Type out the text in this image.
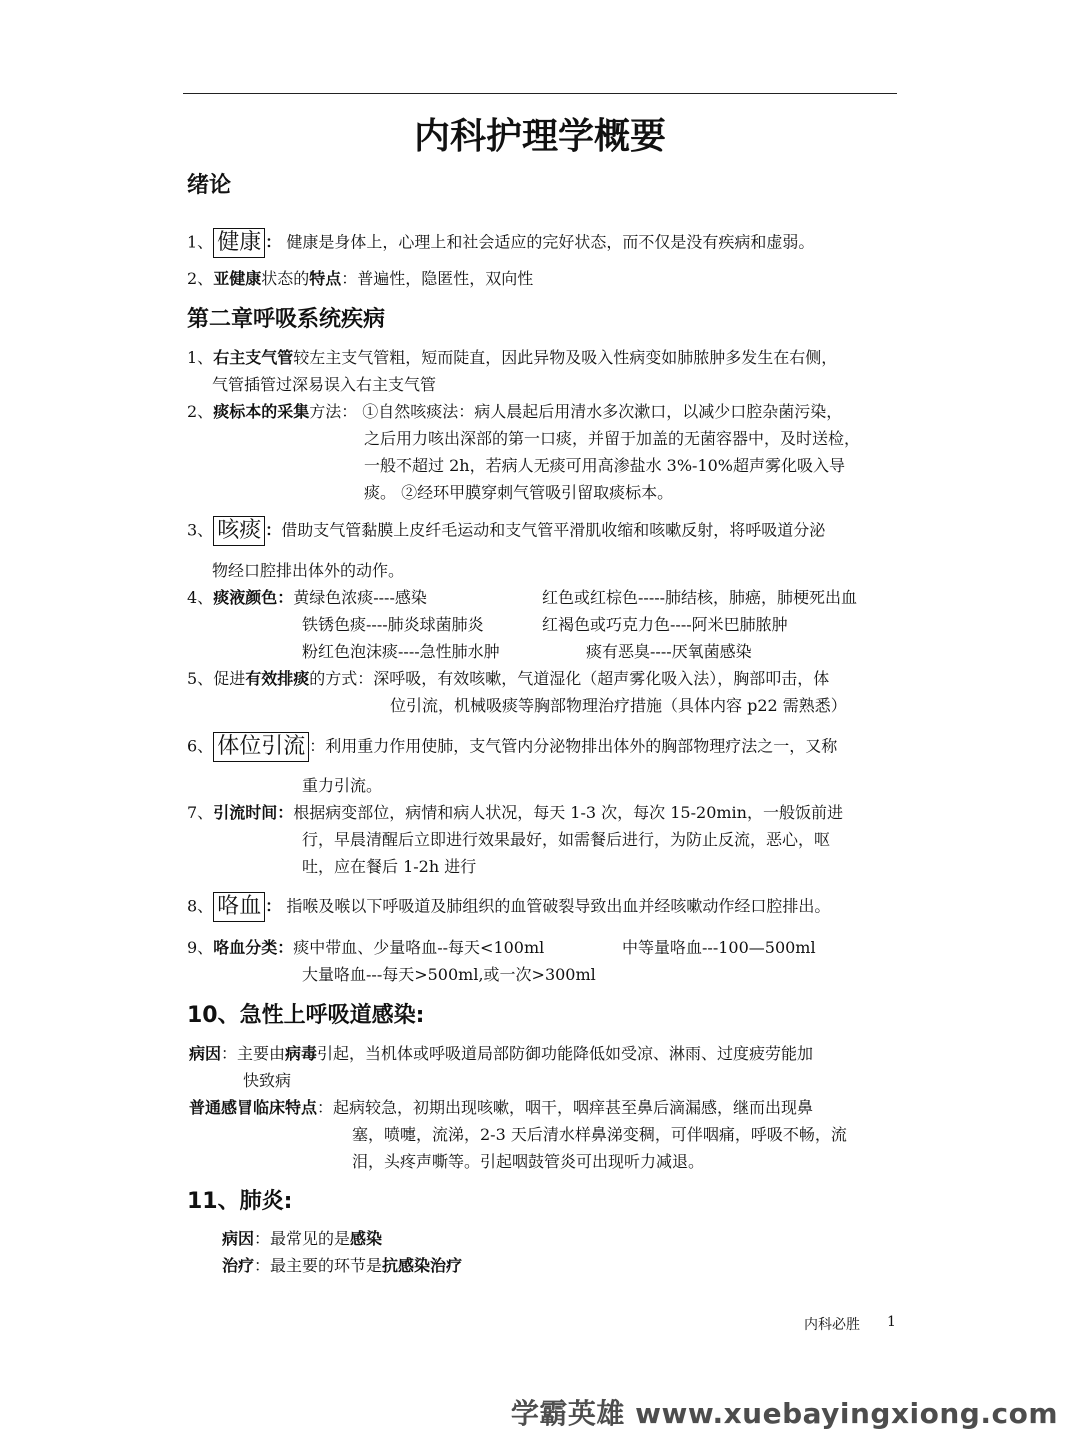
内科护理学概要
绪论
1、 健康 ： 健康是身体上，心理上和社会适应的完好状态，而不仅是没有疾病和虚弱。
2、亚健康状态的特点：普遍性，隐匿性，双向性
第二章呼吸系统疾病
1、右主支气管较左主支气管粗，短而陡直，因此异物及吸入性病变如肺脓肿多发生在右侧，
气管插管过深易误入右主支气管
2、痰标本的采集方法： ①自然咳痰法：病人晨起后用清水多次漱口，以减少口腔杂菌污染，
之后用力咳出深部的第一口痰，并留于加盖的无菌容器中，及时送检，
一般不超过 2h，若病人无痰可用高渗盐水 3%-10%超声雾化吸入导
痰。 ②经环甲膜穿刺气管吸引留取痰标本。
3、 咳痰 ：借助支气管黏膜上皮纤毛运动和支气管平滑肌收缩和咳嗽反射，将呼吸道分泌
物经口腔排出体外的动作。
4、痰液颜色：黄绿色浓痰----感染	红色或红棕色-----肺结核，肺癌，肺梗死出血
铁锈色痰----肺炎球菌肺炎	红褐色或巧克力色----阿米巴肺脓肿
粉红色泡沫痰----急性肺水肿	痰有恶臭----厌氧菌感染
5、促进有效排痰的方式：深呼吸，有效咳嗽，气道湿化（超声雾化吸入法），胸部叩击，体
位引流，机械吸痰等胸部物理治疗措施（具体内容 p22 需熟悉）
6、 体位引流 ：利用重力作用使肺，支气管内分泌物排出体外的胸部物理疗法之一，又称
重力引流。
7、引流时间：根据病变部位，病情和病人状况，每天 1-3 次，每次 15-20min，一般饭前进
行，早晨清醒后立即进行效果最好，如需餐后进行，为防止反流，恶心，呕
吐，应在餐后 1-2h 进行
8、 咯血 ： 指喉及喉以下呼吸道及肺组织的血管破裂导致出血并经咳嗽动作经口腔排出。
9、咯血分类：痰中带血、少量咯血--每天<100ml	中等量咯血---100—500ml
大量咯血---每天>500ml,或一次>300ml
10、急性上呼吸道感染:
病因：主要由病毒引起，当机体或呼吸道局部防御功能降低如受凉、淋雨、过度疲劳能加
快致病
普通感冒临床特点：起病较急，初期出现咳嗽，咽干，咽痒甚至鼻后滴漏感，继而出现鼻
塞，喷嚏，流涕，2-3 天后清水样鼻涕变稠，可伴咽痛，呼吸不畅，流
泪，头疼声嘶等。引起咽鼓管炎可出现听力减退。
11、肺炎:
病因：最常见的是感染
治疗：最主要的环节是抗感染治疗
内科必胜 1
学霸英雄 www.xuebayingxiong.com
